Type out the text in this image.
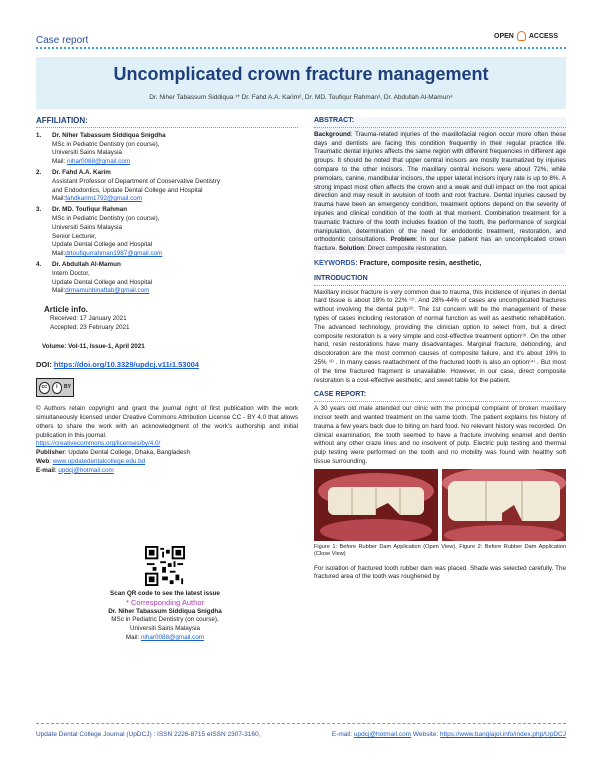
Case report	OPEN ACCESS
Uncomplicated crown fracture management
Dr. Niher Tabassum Siddiqua ¹* Dr. Fahd A.A. Karim², Dr. MD. Toufiqur Rahman³, Dr. Abdullah Al-Mamun⁴
AFFILIATION:
1.	Dr. Niher Tabassum Siddiqua Snigdha
MSc in Pediatric Dentistry (on course),
Universiti Sains Malaysia
Mail: nihar0088@gmail.com
2.	Dr. Fahd A.A. Karim
Assistant Professor of Department of Conservative Dentistry
and Endodontics, Update Dental College and Hospital
Mail:fahdkarim1792@gmail.com
3.	Dr. MD. Toufiqur Rahman
MSc in Pediatric Dentistry (on course),
Universiti Sains Malaysia
Senior Lecturer,
Update Dental College and Hospital
Mail:drtoufiqurrahman1987@gmail.com
4.	Dr. Abdullah Al-Mamun
Intern Doctor,
Update Dental College and Hospital
Mail:drmamunbinaftab@gmail.com
Article info.
Received: 17 January 2021
Accepted: 23 February 2021
Volume: Vol-11, Issue-1, April 2021
DOI: https://doi.org/10.3329/updcj.v11i1.53004
cc	i	BY
© Authors retain copyright and grant the journal right of first publication with the work simultaneously licensed under Creative Commons Attribution License CC - BY 4.0 that allows others to share the work with an acknowledgment of the work's authorship and initial publication in this journal.
https://creativecommons.org/licenses/by/4.0/
Publisher: Update Dental College, Dhaka, Bangladesh
Web: www.updatedentalcollege.edu.bd
E-mail: updcj@hotmail.com
Scan QR code to see the latest issue
* Corresponding Author
Dr. Niher Tabassum Siddiqua Snigdha
MSc in Pediatric Dentistry (on course),
Universiti Sains Malaysia
Mail: nihar0088@gmail.com
ABSTRACT:
Background: Trauma-related injuries of the maxillofacial region occur more often these days and dentists are facing this condition frequently in their regular practice life. Traumatic dental injuries affects the same region with different frequencies in different age groups. It should be noted that upper central incisors are mostly traumatized by injuries compare to the other incisors. The maxillary central incisors were about 72%, while premolars, canine, mandibular incisors, the upper lateral incisors injury rate is up to 8%. A strong impact most often affects the crown and a weak and dull impact on the root apical direction and may result in avulsion of tooth and root fracture. Dental injuries caused by trauma have been an emergency condition, treatment options depend on the severity of injuries and clinical condition of the tooth at that moment. Combination treatment for a traumatic fracture of the tooth includes fixation of the tooth, the performance of surgical manipulation, determination of the need for endodontic treatment, restoration, and orthodontic consultations. Problem: In our case patient has an uncomplicated crown fracture. Solution: Direct composite restoration.
KEYWORDS: Fracture, composite resin, aesthetic,
INTRODUCTION
Maxillary incisor fracture is very common due to trauma, this incidence of injuries in dental hard tissue is about 18% to 22% ⁽¹⁾. And 28%-44% of cases are uncomplicated fractures without involving the dental pulp⁽²⁾. The 1st concern will be the management of these types of cases including restoration of normal function as well as aesthetic rehabilitation. The advanced technology, providing the clinician option to select from, but a direct composite restoration is a very simple and cost-effective treatment option⁽³⁾. On the other hand, resin restorations have many disadvantages. Marginal fracture, debonding, and discoloration are the most common causes of composite failure, and it's about 19% to 25% ⁽³⁾ . In many cases reattachment of the fractured tooth is also an option⁽⁴⁾ . But most of the time fractured fragment is unavailable. However, in our case, direct composite restoration is a cost-effective aesthetic, and sweet table for the patient.
CASE REPORT:
A 30 years old male attended our clinic with the principal complaint of broken maxillary incisor teeth and wanted treatment on the same tooth. The patient explains his history of trauma a few years back due to biting on hard food. No relevant history was recorded. On clinical examination, the tooth seemed to have a fracture involving enamel and dentin without any other craze lines and no insolvent of pulp. Electric pulp testing and thermal pulp testing were performed on the tooth and no mobility was found with healthy soft tissue surrounding.
Figure 1: Before Rubber Dam Application (Open View), Figure 2: Before Rubber Dam Application (Close View)
For isolation of fractured tooth rubber dam was placed. Shade was selected carefully. The fractured area of the tooth was roughened by
Update Dental College Journal (UpDCJ) : ISSN 2226-8715 eISSN 2307-3160,	E-mail: updcj@hotmail.com Website: https://www.banglajol.info/index.php/UpDCJ
